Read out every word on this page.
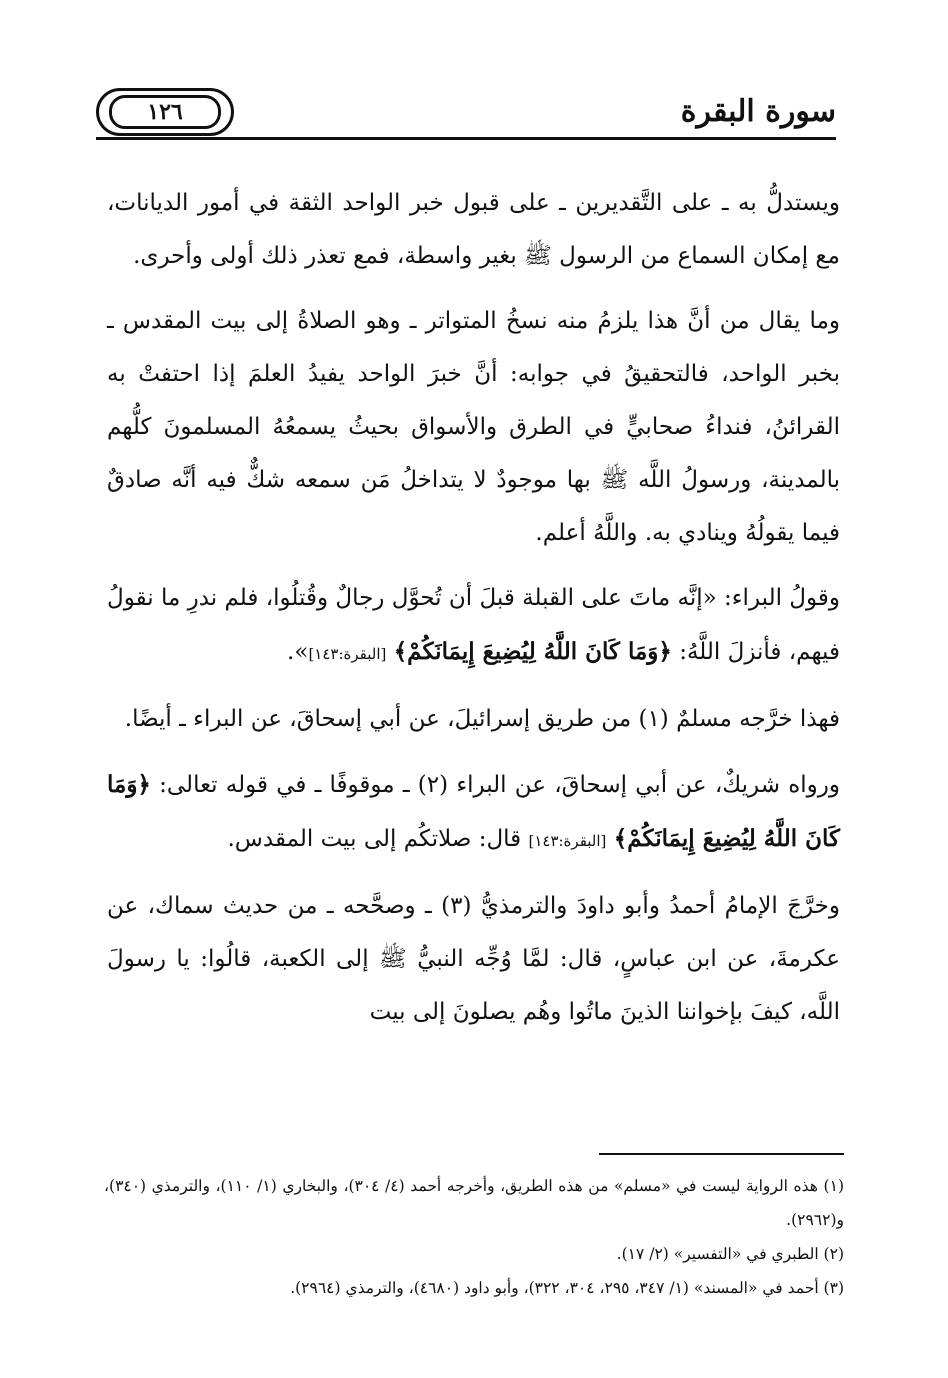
١٢٦	سورة البقرة

ويستدلُّ به ـ على التَّقديرين ـ على قبول خبر الواحد الثقة في أمور الديانات، مع إمكان السماع من الرسول ﷺ بغير واسطة، فمع تعذر ذلك أولى وأحرى.

وما يقال من أنَّ هذا يلزمُ منه نسخُ المتواتر ـ وهو الصلاةُ إلى بيت المقدس ـ بخبر الواحد، فالتحقيقُ في جوابه: أنَّ خبرَ الواحد يفيدُ العلمَ إذا احتفتْ به القرائنُ، فنداءُ صحابيٍّ في الطرق والأسواق بحيثُ يسمعُهُ المسلمونَ كلُّهم بالمدينة، ورسولُ اللَّه ﷺ بها موجودٌ لا يتداخلُ مَن سمعه شكٌّ فيه أنَّه صادقٌ فيما يقولُهُ وينادي به. واللَّهُ أعلم.

وقولُ البراء: «إنَّه ماتَ على القبلة قبلَ أن تُحوَّل رجالٌ وقُتلُوا، فلم ندرِ ما نقولُ فيهم، فأنزلَ اللَّهُ: ﴿وَمَا كَانَ اللَّهُ لِيُضِيعَ إِيمَانَكُمْ﴾ [البقرة:١٤٣]».

فهذا خرَّجه مسلمٌ (١) من طريق إسرائيلَ، عن أبي إسحاقَ، عن البراء ـ أيضًا.

ورواه شريكٌ، عن أبي إسحاقَ، عن البراء (٢) ـ موقوفًا ـ في قوله تعالى: ﴿وَمَا كَانَ اللَّهُ لِيُضِيعَ إِيمَانَكُمْ﴾ [البقرة:١٤٣] قال: صلاتكُم إلى بيت المقدس.

وخرَّجَ الإمامُ أحمدُ وأبو داودَ والترمذيُّ (٣) ـ وصحَّحه ـ من حديث سماك، عن عكرمةَ، عن ابن عباسٍ، قال: لمَّا وُجِّه النبيُّ ﷺ إلى الكعبة، قالُوا: يا رسولَ اللَّه، كيفَ بإخواننا الذينَ ماتُوا وهُم يصلونَ إلى بيت

(١) هذه الرواية ليست في «مسلم» من هذه الطريق، وأخرجه أحمد (٤/ ٣٠٤)، والبخاري (١/ ١١٠)، والترمذي (٣٤٠)، و(٢٩٦٢).

(٢) الطبري في «التفسير» (٢/ ١٧).

(٣) أحمد في «المسند» (١/ ٣٤٧، ٢٩٥، ٣٠٤، ٣٢٢)، وأبو داود (٤٦٨٠)، والترمذي (٢٩٦٤).
